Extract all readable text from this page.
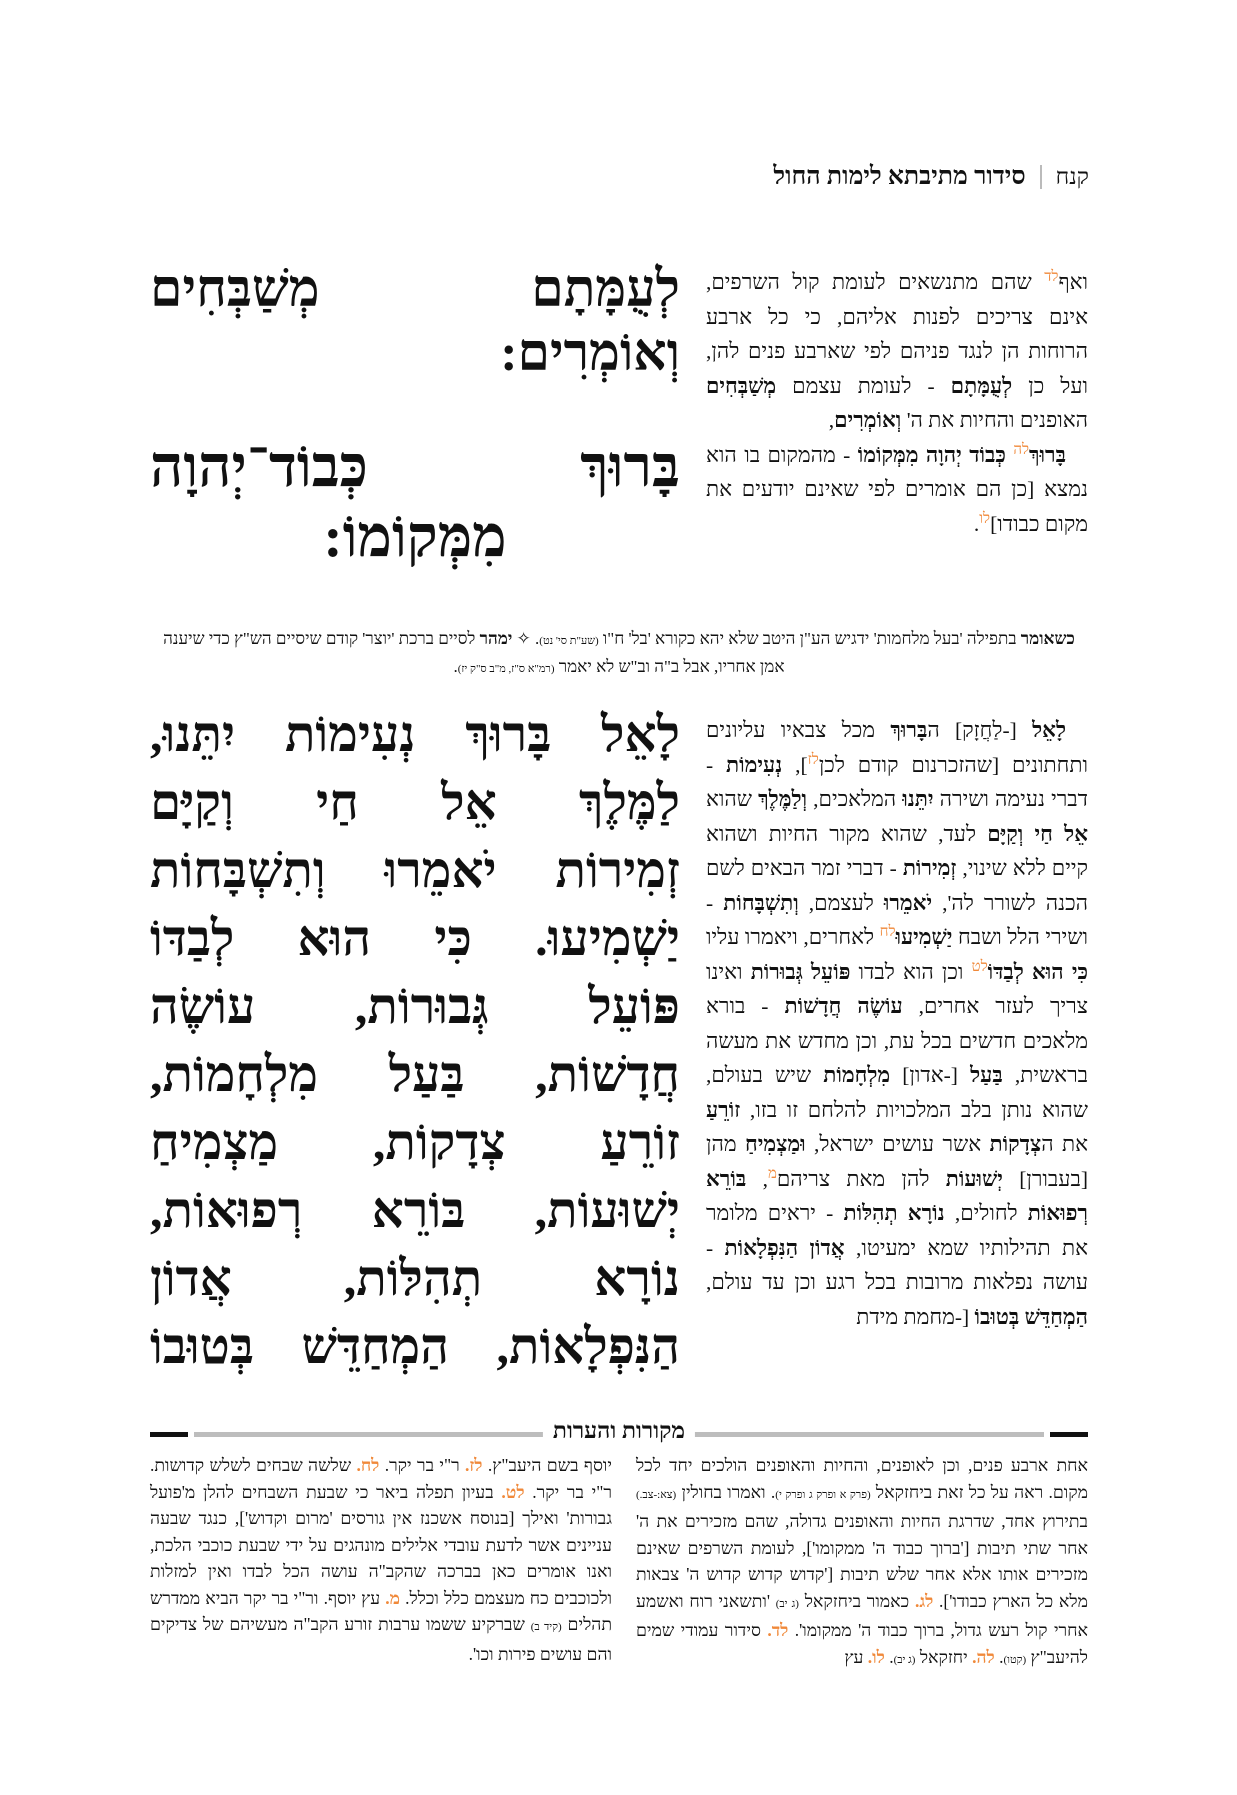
קנח
סידור מתיבתא לימות החול
לְעֻמָּתָם מְשַׁבְּחִים
וְאוֹמְרִים:
בָּרוּךְ כְּבוֹד־יְהוָה
מִמְּקוֹמוֹ:
ואף$^{לד}$ שהם מתנשאים לעומת קול השרפים, אינם צריכים לפנות אליהם, כי כל ארבע הרוחות הן לנגד פניהם לפי שארבע פנים להן, ועל כן לְעֻמָּתָם - לעומת עצמם מְשַׁבְּחִים האופנים והחיות את ה' וְאוֹמְרִים,
בָּרוּךְ$^{לה}$ כְּבוֹד יְהוָה מִמְּקוֹמוֹ - מהמקום בו הוא נמצא [כן הם אומרים לפי שאינם יודעים את מקום כבודו]$^{לו}$.
כשאומר בתפילה 'בעל מלחמות' ידגיש הע"ן היטב שלא יהא כקורא 'בל' ח"ו (שע"ת סי' נט). ✧ ימהר לסיים ברכת 'יוצר' קודם שיסיים הש"ץ כדי שיענה אמן אחריו, אבל ב"ה וב"ש לא יאמר (רמ"א ס"ז, מ"ב ס"ק יז).
לָאֵל בָּרוּךְ נְעִימוֹת יִתֵּנוּ,
לַמֶּלֶךְ אֵל חַי וְקַיָּם
זְמִירוֹת יֹאמֵרוּ וְתִשְׁבָּחוֹת
יַשְׁמִיעוּ. כִּי הוּא לְבַדּוֹ
פּוֹעֵל גְּבוּרוֹת, עוֹשֶׂה
חֲדָשׁוֹת, בַּעַל מִלְחָמוֹת,
זוֹרֵעַ צְדָקוֹת, מַצְמִיחַ
יְשׁוּעוֹת, בּוֹרֵא רְפוּאוֹת,
נוֹרָא תְהִלּוֹת, אֲדוֹן
הַנִּפְלָאוֹת, הַמְחַדֵּשׁ בְּטוּבוֹ
לָאֵל [-לַחֲזָק] הבָּרוּךְ מכל צבאיו עליונים ותחתונים [שהזכרנום קודם לכן$^{לז}$], נְעִימוֹת - דברי נעימה ושירה יִתֵּנוּ המלאכים, וְלַמֶּלֶךְ שהוא אֵל חַי וְקַיָּם לעד, שהוא מקור החיות ושהוא קיים ללא שינוי, זְמִירוֹת - דברי זמר הבאים לשם הכנה לשורר לה', יֹאמֵרוּ לעצמם, וְתִשְׁבָּחוֹת - ושירי הלל ושבח יַשְׁמִיעוּ$^{לח}$ לאחרים, ויאמרו עליו כִּי הוּא לְבַדּוֹ$^{לט}$ וכן הוא לבדו פּוֹעֵל גְּבוּרוֹת ואינו צריך לעזר אחרים, עוֹשֶׂה חֲדָשׁוֹת - בורא מלאכים חדשים בכל עת, וכן מחדש את מעשה בראשית, בַּעַל [-אדון] מִלְחָמוֹת שיש בעולם, שהוא נותן בלב המלכויות להלחם זו בזו, זוֹרֵעַ את הצְדָקוֹת אשר עושים ישראל, וּמַצְמִיחַ מהן [בעבורן] יְשׁוּעוֹת להן מאת צריהם$^מ$, בּוֹרֵא רְפוּאוֹת לחולים, נוֹרָא תְהִלּוֹת - יראים מלומר את תהילותיו שמא ימעיטו, אֲדוֹן הַנִּפְלָאוֹת - עושה נפלאות מרובות בכל רגע וכן עד עולם, הַמְחַדֵּשׁ בְּטוּבוֹ [-מחמת מידת
מקורות והערות
אחת ארבע פנים, וכן לאופנים, והחיות והאופנים הולכים יחד לכל מקום. ראה על כל זאת ביחזקאל (פרק א ופרק ג ופרק י). ואמרו בחולין (צא:-צב.) בתירוץ אחד, שדרגת החיות והאופנים גדולה, שהם מזכירים את ה' אחר שתי תיבות ['ברוך כבוד ה' ממקומו'], לעומת השרפים שאינם מזכירים אותו אלא אחר שלש תיבות ['קדוש קדוש קדוש ה' צבאות מלא כל הארץ כבודו']. לג. כאמור ביחזקאל (ג יב) 'ותשאני רוח ואשמע אחרי קול רעש גדול, ברוך כבוד ה' ממקומו'. לד. סידור עמודי שמים להיעב"ץ (קטו). לה. יחזקאל (ג יב). לו. עץ
יוסף בשם היעב"ץ. לז. ר"י בר יקר. לח. שלשה שבחים לשלש קדושות. ר"י בר יקר. לט. בעיון תפלה ביאר כי שבעת השבחים להלן מ'פועל גבורות' ואילך [בנוסח אשכנז אין גורסים 'מרום וקדוש'], כנגד שבעה עניינים אשר לדעת עובדי אלילים מונהגים על ידי שבעת כוכבי הלכת, ואנו אומרים כאן בברכה שהקב"ה עושה הכל לבדו ואין למזלות ולכוכבים כח מעצמם כלל וכלל. מ. עץ יוסף. ור"י בר יקר הביא ממדרש תהלים (קיד ב) שברקיע ששמו ערבות זורע הקב"ה מעשיהם של צדיקים והם עושים פירות וכו'.
